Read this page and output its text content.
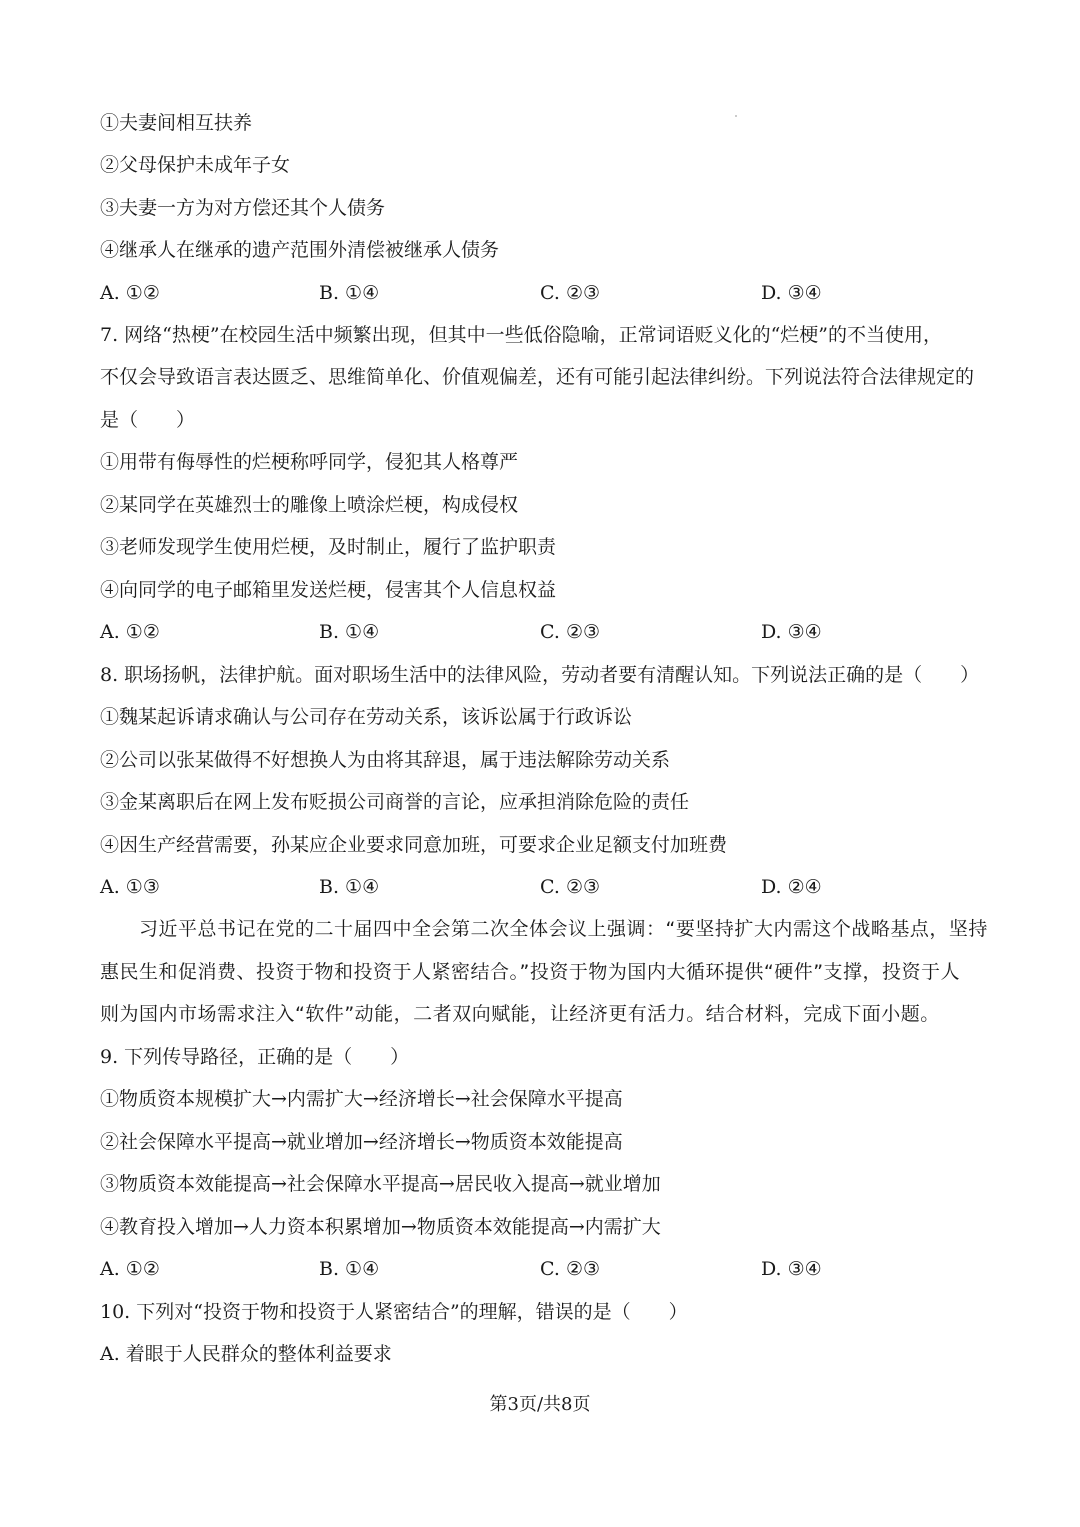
①夫妻间相互扶养
②父母保护未成年子女
③夫妻一方为对方偿还其个人债务
④继承人在继承的遗产范围外清偿被继承人债务
A. ①②	B. ①④	C. ②③	D. ③④
7. 网络“热梗”在校园生活中频繁出现，但其中一些低俗隐喻，正常词语贬义化的“烂梗”的不当使用，
不仅会导致语言表达匮乏、思维简单化、价值观偏差，还有可能引起法律纠纷。下列说法符合法律规定的
是（　　）
①用带有侮辱性的烂梗称呼同学，侵犯其人格尊严
②某同学在英雄烈士的雕像上喷涂烂梗，构成侵权
③老师发现学生使用烂梗，及时制止，履行了监护职责
④向同学的电子邮箱里发送烂梗，侵害其个人信息权益
A. ①②	B. ①④	C. ②③	D. ③④
8. 职场扬帆，法律护航。面对职场生活中的法律风险，劳动者要有清醒认知。下列说法正确的是（　　）
①魏某起诉请求确认与公司存在劳动关系，该诉讼属于行政诉讼
②公司以张某做得不好想换人为由将其辞退，属于违法解除劳动关系
③金某离职后在网上发布贬损公司商誉的言论，应承担消除危险的责任
④因生产经营需要，孙某应企业要求同意加班，可要求企业足额支付加班费
A. ①③	B. ①④	C. ②③	D. ②④
　　习近平总书记在党的二十届四中全会第二次全体会议上强调：“要坚持扩大内需这个战略基点，坚持
惠民生和促消费、投资于物和投资于人紧密结合。”投资于物为国内大循环提供“硬件”支撑，投资于人
则为国内市场需求注入“软件”动能，二者双向赋能，让经济更有活力。结合材料，完成下面小题。
9. 下列传导路径，正确的是（　　）
①物质资本规模扩大→内需扩大→经济增长→社会保障水平提高
②社会保障水平提高→就业增加→经济增长→物质资本效能提高
③物质资本效能提高→社会保障水平提高→居民收入提高→就业增加
④教育投入增加→人力资本积累增加→物质资本效能提高→内需扩大
A. ①②	B. ①④	C. ②③	D. ③④
10. 下列对“投资于物和投资于人紧密结合”的理解，错误的是（　　）
A. 着眼于人民群众的整体利益要求
第3页/共8页
